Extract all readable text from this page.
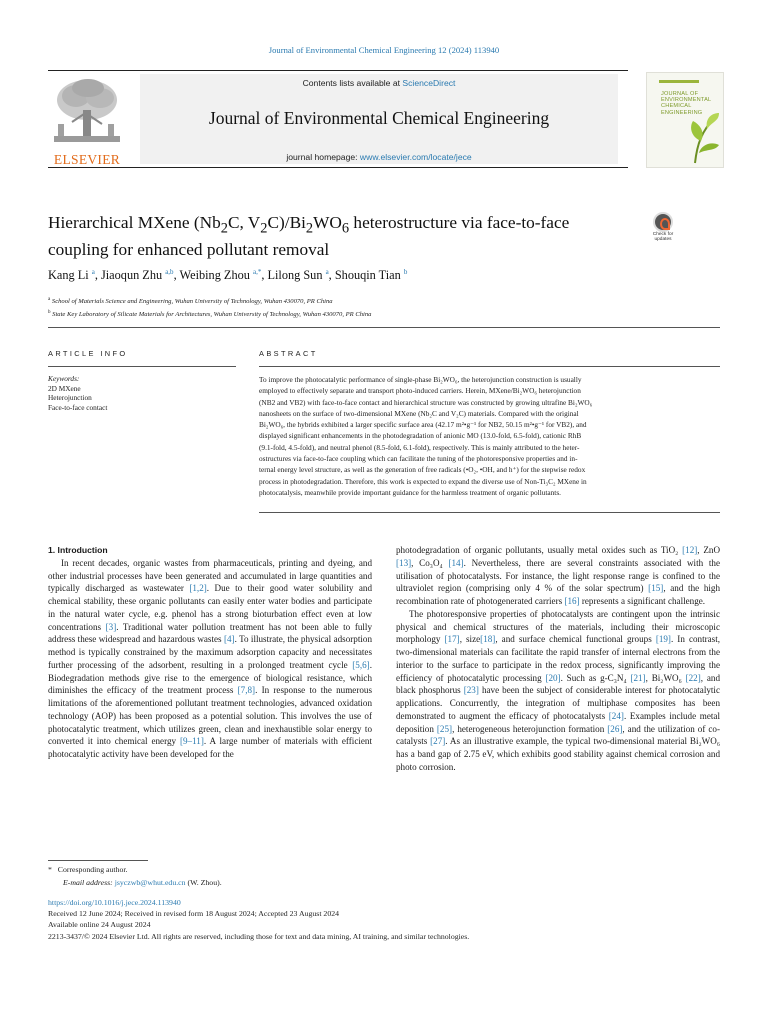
Journal of Environmental Chemical Engineering 12 (2024) 113940
ELSEVIER
Contents lists available at ScienceDirect
Journal of Environmental Chemical Engineering
journal homepage: www.elsevier.com/locate/jece
JOURNAL OF
ENVIRONMENTAL
CHEMICAL
ENGINEERING
Hierarchical MXene ($Nb_2C$, $V_2C)/Bi_2WO_6$ heterostructure via face-to-face
coupling for enhanced pollutant removal
Check for
updates
Kang Li $^a$, Jiaoqun Zhu $^{a,b}$, Weibing Zhou $^{a,*}$, Lilong Sun $^a$, Shouqin Tian $^b$
$^a$ School of Materials Science and Engineering, Wuhan University of Technology, Wuhan 430070, PR China
$^b$ State Key Laboratory of Silicate Materials for Architectures, Wuhan University of Technology, Wuhan 430070, PR China
ARTICLE INFO	ABSTRACT
Keywords:
2D MXene
Heterojunction
Face-to-face contact
To improve the photocatalytic performance of single-phase Bi₂WO₆, the heterojunction construction is usually
employed to effectively separate and transport photo-induced carriers. Herein, MXene/Bi₂WO₆ heterojunction
(NB2 and VB2) with face-to-face contact and hierarchical structure was constructed by growing ultrafine Bi₂WO₆
nanosheets on the surface of two-dimensional MXene (Nb₂C and V₂C) materials. Compared with the original
Bi₂WO₆, the hybrids exhibited a larger specific surface area (42.17 m²•g⁻¹ for NB2, 50.15 m²•g⁻¹ for VB2), and
displayed significant enhancements in the photodegradation of anionic MO (13.0-fold, 6.5-fold), cationic RhB
(9.1-fold, 4.5-fold), and neutral phenol (8.5-fold, 6.1-fold), respectively. This is mainly attributed to the heter-
ostructures via face-to-face coupling which can facilitate the tuning of the photoresponsive properties and in-
ternal energy level structure, as well as the generation of free radicals (•O₂, •OH, and h⁺) for the stepwise redox
process in photodegradation. Therefore, this work is expected to expand the diverse use of Non-Ti₃C₂ MXene in
photocatalysis, meanwhile provide important guidance for the harmless treatment of organic pollutants.

1. Introduction

In recent decades, organic wastes from pharmaceuticals, printing and dyeing, and other industrial processes have been generated and accumulated in large quantities and typically discharged as wastewater [1,2]. Due to their good water solubility and chemical stability, these organic pollutants can easily enter water bodies and participate in the natural water cycle, e.g. phenol has a strong bioturbation effect even at low concentrations [3]. Traditional water pollution treatment has not been able to fully address these widespread and hazardous wastes [4]. To illustrate, the physical adsorption method is typically constrained by the maximum adsorption capacity and necessitates further processing of the adsorbent, resulting in a prolonged treatment cycle [5,6]. Biodegradation methods give rise to the emergence of biological resistance, which diminishes the efficacy of the treatment process [7,8]. In response to the numerous limitations of the aforementioned pollutant treatment technologies, advanced oxidation technology (AOP) has been proposed as a potential solution. This involves the use of photocatalytic treatment, which utilizes green, clean and inexhaustible solar energy to converted it into chemical energy [9–11]. A large number of materials with efficient photocatalytic activity have been developed for the

photodegradation of organic pollutants, usually metal oxides such as TiO₂ [12], ZnO [13], Co₃O₄ [14]. Nevertheless, there are several constraints associated with the utilisation of photocatalysts. For instance, the light response range is confined to the ultraviolet region (comprising only 4 % of the solar spectrum) [15], and the high recombination rate of photogenerated carriers [16] represents a significant challenge.

The photoresponsive properties of photocatalysts are contingent upon the intrinsic physical and chemical structures of the materials, including their microscopic morphology [17], size[18], and surface chemical functional groups [19]. In contrast, two-dimensional materials can facilitate the rapid transfer of internal electrons from the interior to the surface to participate in the redox process, significantly improving the efficiency of photocatalytic processing [20]. Such as g-C₃N₄ [21], Bi₂WO₆ [22], and black phosphorus [23] have been the subject of considerable interest for photocatalytic applications. Concurrently, the integration of multiphase composites has been demonstrated to augment the efficacy of photocatalysts [24]. Examples include metal deposition [25], heterogeneous heterojunction formation [26], and the utilization of co-catalysts [27]. As an illustrative example, the typical two-dimensional material Bi₂WO₆ has a band gap of 2.75 eV, which exhibits good stability against chemical corrosion and photo corrosion.

* Corresponding author.
E-mail address: jsyczwb@whut.edu.cn (W. Zhou).
https://doi.org/10.1016/j.jece.2024.113940
Received 12 June 2024; Received in revised form 18 August 2024; Accepted 23 August 2024
Available online 24 August 2024
2213-3437/© 2024 Elsevier Ltd. All rights are reserved, including those for text and data mining, AI training, and similar technologies.
